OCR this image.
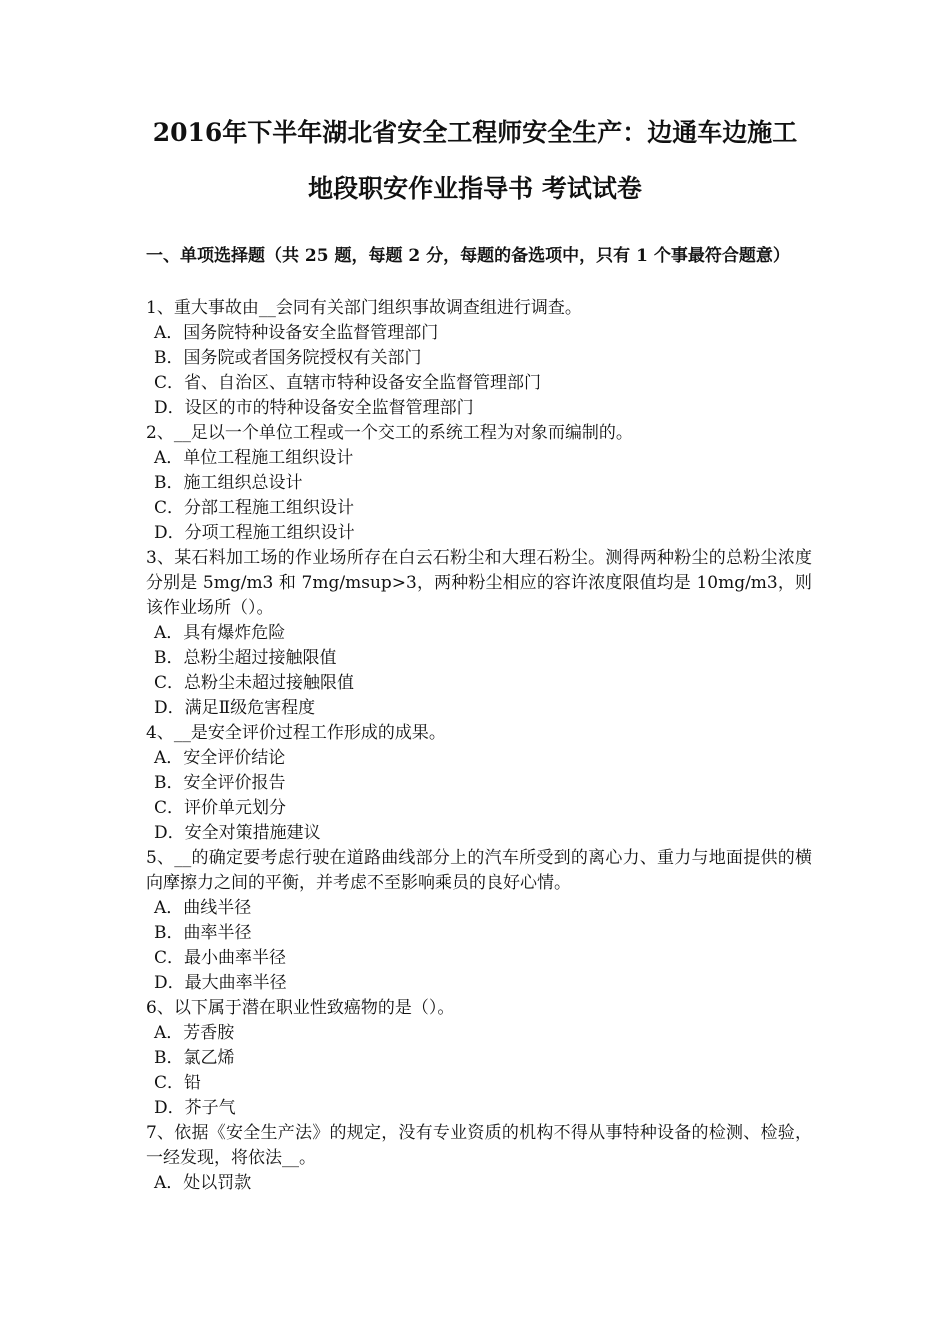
2016年下半年湖北省安全工程师安全生产：边通车边施工
地段职安作业指导书 考试试卷

一、单项选择题（共 25 题，每题 2 分，每题的备选项中，只有 1 个事最符合题意）

1、重大事故由__会同有关部门组织事故调查组进行调查。

A．国务院特种设备安全监督管理部门

B．国务院或者国务院授权有关部门

C．省、自治区、直辖市特种设备安全监督管理部门

D．设区的市的特种设备安全监督管理部门

2、__足以一个单位工程或一个交工的系统工程为对象而编制的。

A．单位工程施工组织设计

B．施工组织总设计

C．分部工程施工组织设计

D．分项工程施工组织设计

3、某石料加工场的作业场所存在白云石粉尘和大理石粉尘。测得两种粉尘的总粉尘浓度分别是 5mg/m3 和 7mg/msup>3，两种粉尘相应的容许浓度限值均是 10mg/m3，则该作业场所（）。

A．具有爆炸危险

B．总粉尘超过接触限值

C．总粉尘未超过接触限值

D．满足Ⅱ级危害程度

4、__是安全评价过程工作形成的成果。

A．安全评价结论

B．安全评价报告

C．评价单元划分

D．安全对策措施建议

5、__的确定要考虑行驶在道路曲线部分上的汽车所受到的离心力、重力与地面提供的横向摩擦力之间的平衡，并考虑不至影响乘员的良好心情。

A．曲线半径

B．曲率半径

C．最小曲率半径

D．最大曲率半径

6、以下属于潜在职业性致癌物的是（）。

A．芳香胺

B．氯乙烯

C．铅

D．芥子气

7、依据《安全生产法》的规定，没有专业资质的机构不得从事特种设备的检测、检验，一经发现，将依法__。

A．处以罚款
